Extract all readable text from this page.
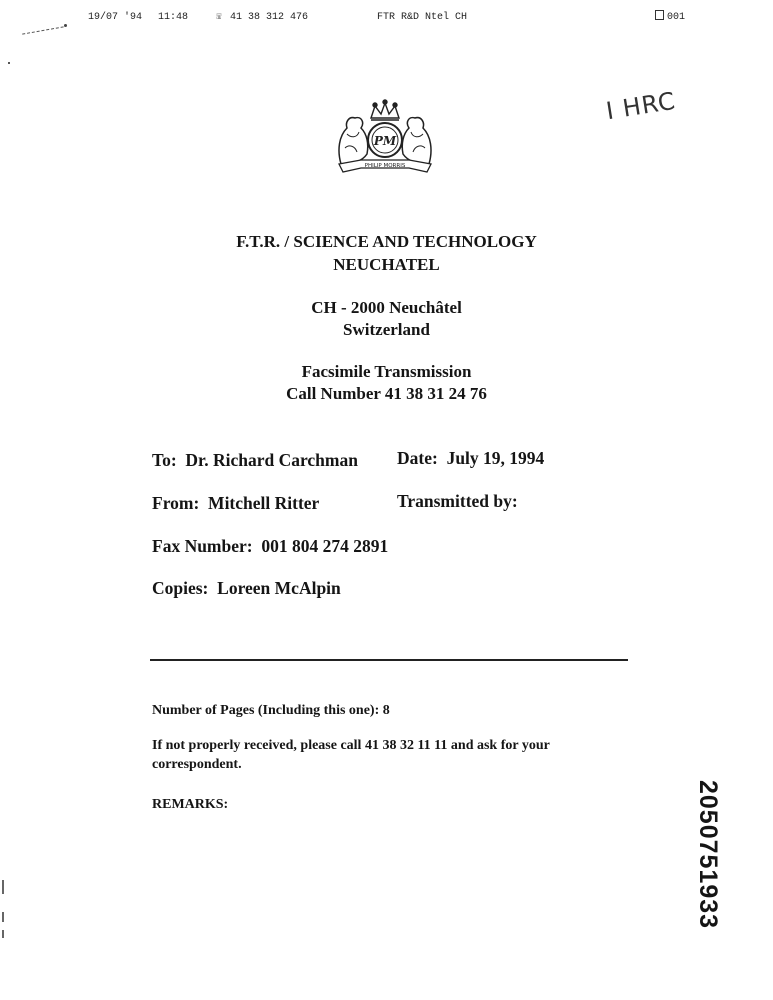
19/07 '94 11:48	☏ 41 38 312 476	FTR R&D Ntel CH	001
I HRC
PM
PHILIP MORRIS
F.T.R. / SCIENCE AND TECHNOLOGY
NEUCHATEL
CH - 2000 Neuchâtel
Switzerland
Facsimile Transmission
Call Number 41 38 31 24 76
To: Dr. Richard Carchman Date: July 19, 1994
From: Mitchell Ritter	Transmitted by:
Fax Number: 001 804 274 2891
Copies: Loreen McAlpin
Number of Pages (Including this one): 8
If not properly received, please call 41 38 32 11 11 and ask for your
correspondent.
REMARKS:	2050751933
